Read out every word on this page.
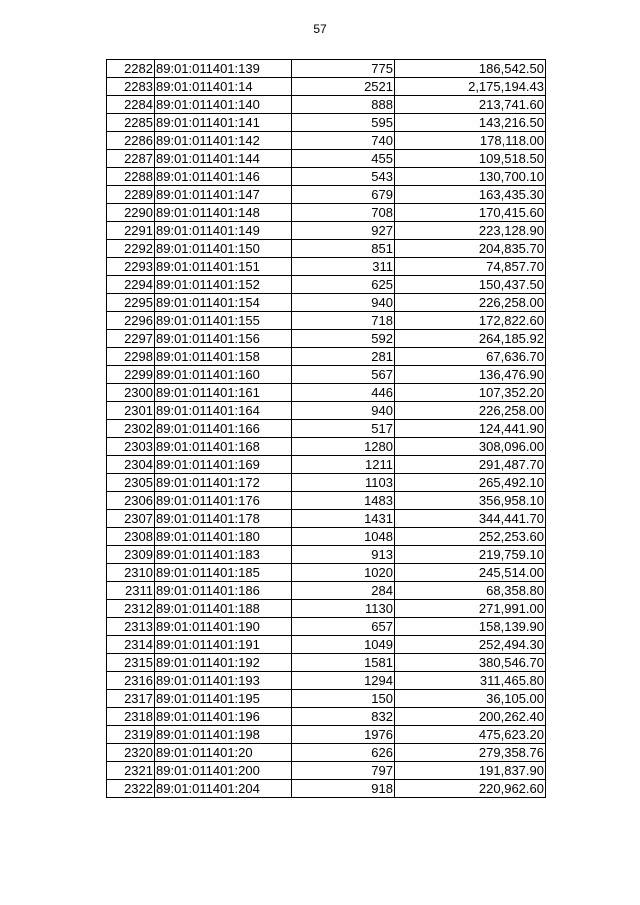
57
2282	89:01:011401:139	775	186,542.50
2283	89:01:011401:14	2521	2,175,194.43
2284	89:01:011401:140	888	213,741.60
2285	89:01:011401:141	595	143,216.50
2286	89:01:011401:142	740	178,118.00
2287	89:01:011401:144	455	109,518.50
2288	89:01:011401:146	543	130,700.10
2289	89:01:011401:147	679	163,435.30
2290	89:01:011401:148	708	170,415.60
2291	89:01:011401:149	927	223,128.90
2292	89:01:011401:150	851	204,835.70
2293	89:01:011401:151	311	74,857.70
2294	89:01:011401:152	625	150,437.50
2295	89:01:011401:154	940	226,258.00
2296	89:01:011401:155	718	172,822.60
2297	89:01:011401:156	592	264,185.92
2298	89:01:011401:158	281	67,636.70
2299	89:01:011401:160	567	136,476.90
2300	89:01:011401:161	446	107,352.20
2301	89:01:011401:164	940	226,258.00
2302	89:01:011401:166	517	124,441.90
2303	89:01:011401:168	1280	308,096.00
2304	89:01:011401:169	1211	291,487.70
2305	89:01:011401:172	1103	265,492.10
2306	89:01:011401:176	1483	356,958.10
2307	89:01:011401:178	1431	344,441.70
2308	89:01:011401:180	1048	252,253.60
2309	89:01:011401:183	913	219,759.10
2310	89:01:011401:185	1020	245,514.00
2311	89:01:011401:186	284	68,358.80
2312	89:01:011401:188	1130	271,991.00
2313	89:01:011401:190	657	158,139.90
2314	89:01:011401:191	1049	252,494.30
2315	89:01:011401:192	1581	380,546.70
2316	89:01:011401:193	1294	311,465.80
2317	89:01:011401:195	150	36,105.00
2318	89:01:011401:196	832	200,262.40
2319	89:01:011401:198	1976	475,623.20
2320	89:01:011401:20	626	279,358.76
2321	89:01:011401:200	797	191,837.90
2322	89:01:011401:204	918	220,962.60
